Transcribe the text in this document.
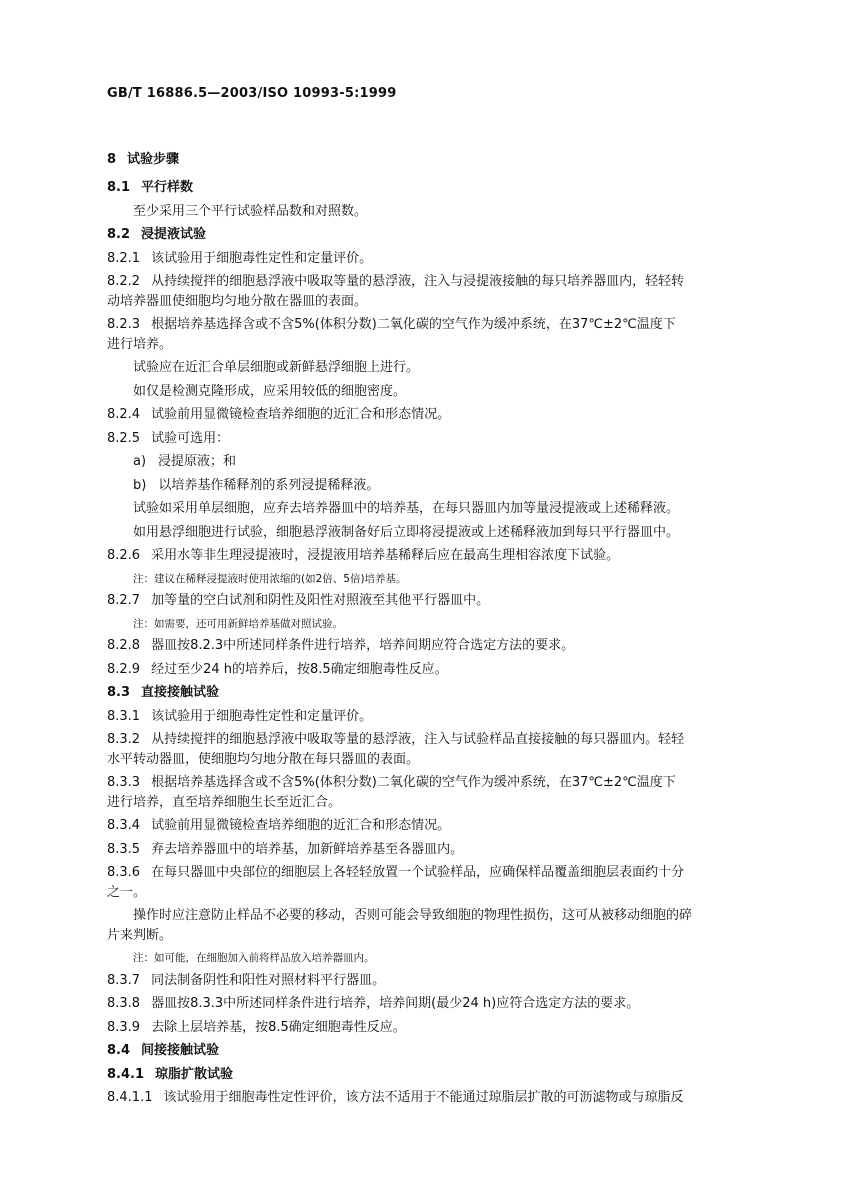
GB/T 16886.5—2003/ISO 10993-5:1999
8 试验步骤
8.1 平行样数
至少采用三个平行试验样品数和对照数。
8.2 浸提液试验
8.2.1 该试验用于细胞毒性定性和定量评价。
8.2.2 从持续搅拌的细胞悬浮液中吸取等量的悬浮液，注入与浸提液接触的每只培养器皿内，轻轻转
动培养器皿使细胞均匀地分散在器皿的表面。
8.2.3 根据培养基选择含或不含5%(体积分数)二氧化碳的空气作为缓冲系统，在37℃±2℃温度下
进行培养。
试验应在近汇合单层细胞或新鲜悬浮细胞上进行。
如仅是检测克隆形成，应采用较低的细胞密度。
8.2.4 试验前用显微镜检查培养细胞的近汇合和形态情况。
8.2.5 试验可选用：
a) 浸提原液；和
b) 以培养基作稀释剂的系列浸提稀释液。
试验如采用单层细胞，应弃去培养器皿中的培养基，在每只器皿内加等量浸提液或上述稀释液。
如用悬浮细胞进行试验，细胞悬浮液制备好后立即将浸提液或上述稀释液加到每只平行器皿中。
8.2.6 采用水等非生理浸提液时，浸提液用培养基稀释后应在最高生理相容浓度下试验。
注：建议在稀释浸提液时使用浓缩的(如2倍、5倍)培养基。
8.2.7 加等量的空白试剂和阴性及阳性对照液至其他平行器皿中。
注：如需要，还可用新鲜培养基做对照试验。
8.2.8 器皿按8.2.3中所述同样条件进行培养，培养间期应符合选定方法的要求。
8.2.9 经过至少24 h的培养后，按8.5确定细胞毒性反应。
8.3 直接接触试验
8.3.1 该试验用于细胞毒性定性和定量评价。
8.3.2 从持续搅拌的细胞悬浮液中吸取等量的悬浮液，注入与试验样品直接接触的每只器皿内。轻轻
水平转动器皿，使细胞均匀地分散在每只器皿的表面。
8.3.3 根据培养基选择含或不含5%(体积分数)二氧化碳的空气作为缓冲系统，在37℃±2℃温度下
进行培养，直至培养细胞生长至近汇合。
8.3.4 试验前用显微镜检查培养细胞的近汇合和形态情况。
8.3.5 弃去培养器皿中的培养基，加新鲜培养基至各器皿内。
8.3.6 在每只器皿中央部位的细胞层上各轻轻放置一个试验样品，应确保样品覆盖细胞层表面约十分
之一。
操作时应注意防止样品不必要的移动，否则可能会导致细胞的物理性损伤，这可从被移动细胞的碎
片来判断。
注：如可能，在细胞加入前将样品放入培养器皿内。
8.3.7 同法制备阴性和阳性对照材料平行器皿。
8.3.8 器皿按8.3.3中所述同样条件进行培养，培养间期(最少24 h)应符合选定方法的要求。
8.3.9 去除上层培养基，按8.5确定细胞毒性反应。
8.4 间接接触试验
8.4.1 琼脂扩散试验
8.4.1.1 该试验用于细胞毒性定性评价，该方法不适用于不能通过琼脂层扩散的可沥滤物或与琼脂反
